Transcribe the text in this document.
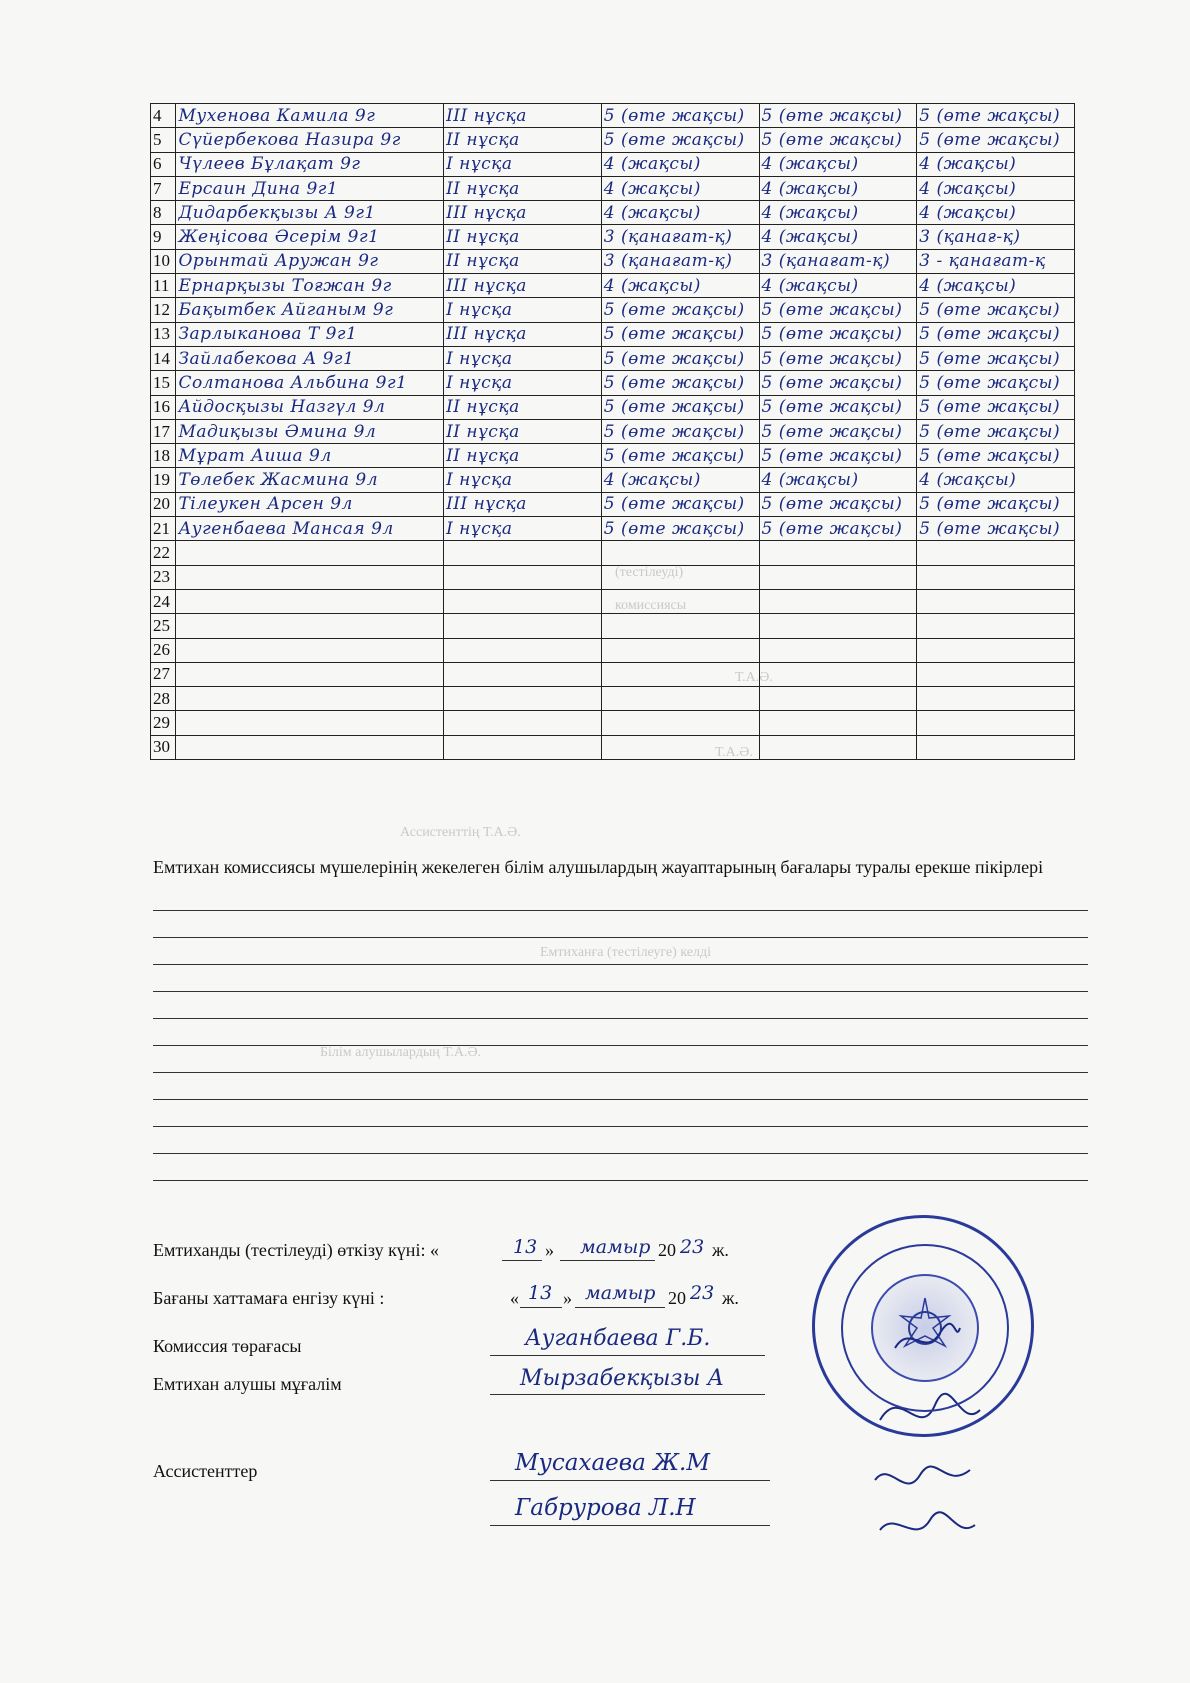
(тестілеуді)
комиссиясы
Т.А.Ә.
Т.А.Ә.
Ассистенттің Т.А.Ә.
Емтиханға (тестілеуге) келді
Білім алушылардың Т.А.Ә.
4	Мухенова Камила 9г	III нұсқа	5 (өте жақсы)	5 (өте жақсы)	5 (өте жақсы)
5	Сүйербекова Назира 9г	II нұсқа	5 (өте жақсы)	5 (өте жақсы)	5 (өте жақсы)
6	Чүлеев Бұлақат 9г	I нұсқа	4 (жақсы)	4 (жақсы)	4 (жақсы)
7	Ерсаин Дина 9г1	II нұсқа	4 (жақсы)	4 (жақсы)	4 (жақсы)
8	Дидарбекқызы А 9г1	III нұсқа	4 (жақсы)	4 (жақсы)	4 (жақсы)
9	Жеңісова Әсерім 9г1	II нұсқа	3 (қанағат-қ)	4 (жақсы)	3 (қанағ-қ)
10	Орынтай Аружан 9г	II нұсқа	3 (қанағат-қ)	3 (қанағат-қ)	3 - қанағат-қ
11	Ернарқызы Тоғжан 9г	III нұсқа	4 (жақсы)	4 (жақсы)	4 (жақсы)
12	Бақытбек Айганым 9г	I нұсқа	5 (өте жақсы)	5 (өте жақсы)	5 (өте жақсы)
13	Зарлыканова Т 9г1	III нұсқа	5 (өте жақсы)	5 (өте жақсы)	5 (өте жақсы)
14	Зайлабекова А 9г1	I нұсқа	5 (өте жақсы)	5 (өте жақсы)	5 (өте жақсы)
15	Солтанова Альбина 9г1	I нұсқа	5 (өте жақсы)	5 (өте жақсы)	5 (өте жақсы)
16	Айдосқызы Назгүл 9л	II нұсқа	5 (өте жақсы)	5 (өте жақсы)	5 (өте жақсы)
17	Мадиқызы Әмина 9л	II нұсқа	5 (өте жақсы)	5 (өте жақсы)	5 (өте жақсы)
18	Мұрат Аиша 9л	II нұсқа	5 (өте жақсы)	5 (өте жақсы)	5 (өте жақсы)
19	Төлебек Жасмина 9л	I нұсқа	4 (жақсы)	4 (жақсы)	4 (жақсы)
20	Тілеукен Арсен 9л	III нұсқа	5 (өте жақсы)	5 (өте жақсы)	5 (өте жақсы)
21	Аугенбаева Мансая 9л	I нұсқа	5 (өте жақсы)	5 (өте жақсы)	5 (өте жақсы)
22					
23					
24					
25					
26					
27					
28					
29					
30					
Емтихан комиссиясы мүшелерінің жекелеген білім алушылардың жауаптарының бағалары туралы ерекше пікірлері
Емтиханды (тестілеуді) өткізу күні: «	13 » мамыр 20 23 ж.
Бағаны хаттамаға енгізу күні :	« 13 » мамыр 20 23 ж.
Комиссия төрағасы	Ауганбаева Г.Б.
Емтихан алушы мұғалім	Мырзабекқызы А
Ассистенттер	Мусахаева Ж.М
Габрурова Л.Н
